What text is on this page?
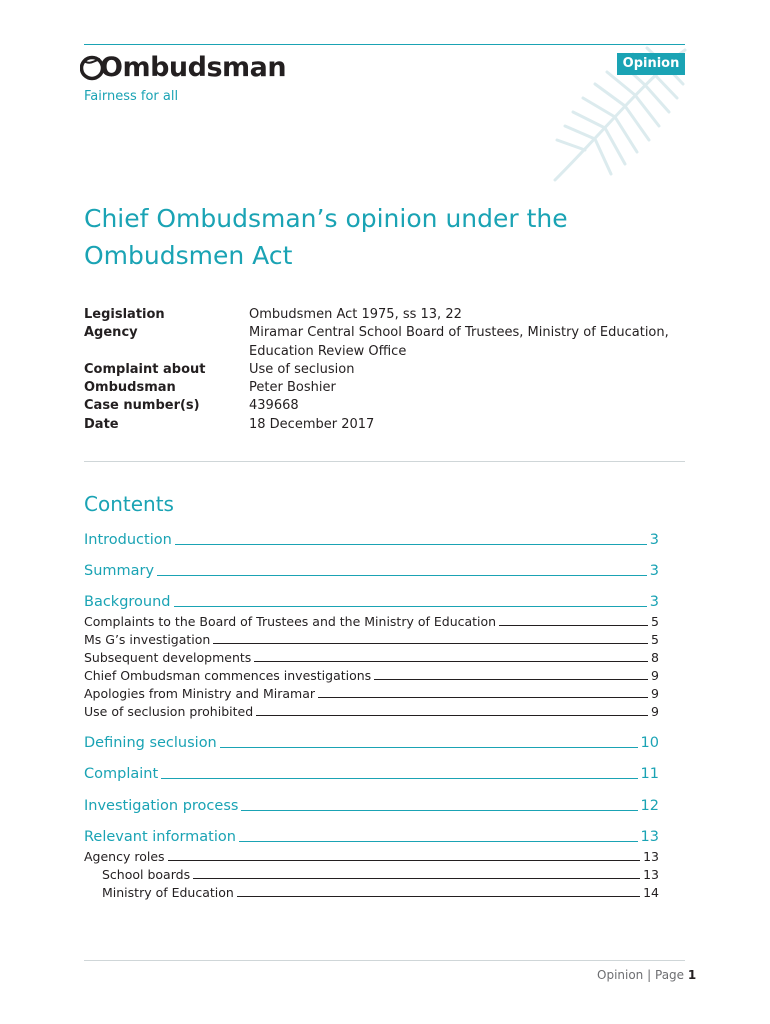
Opinion
Ombudsman
Fairness for all
Chief Ombudsman’s opinion under the Ombudsmen Act
Legislation	Ombudsmen Act 1975, ss 13, 22
Agency	Miramar Central School Board of Trustees, Ministry of Education, Education Review Office
Complaint about	Use of seclusion
Ombudsman	Peter Boshier
Case number(s)	439668
Date	18 December 2017
Contents
Introduction	3
Summary	3
Background	3
Complaints to the Board of Trustees and the Ministry of Education	5
Ms G’s investigation	5
Subsequent developments	8
Chief Ombudsman commences investigations	9
Apologies from Ministry and Miramar	9
Use of seclusion prohibited	9
Defining seclusion	10
Complaint	11
Investigation process	12
Relevant information	13
Agency roles	13
School boards	13
Ministry of Education	14
Opinion | Page 1
